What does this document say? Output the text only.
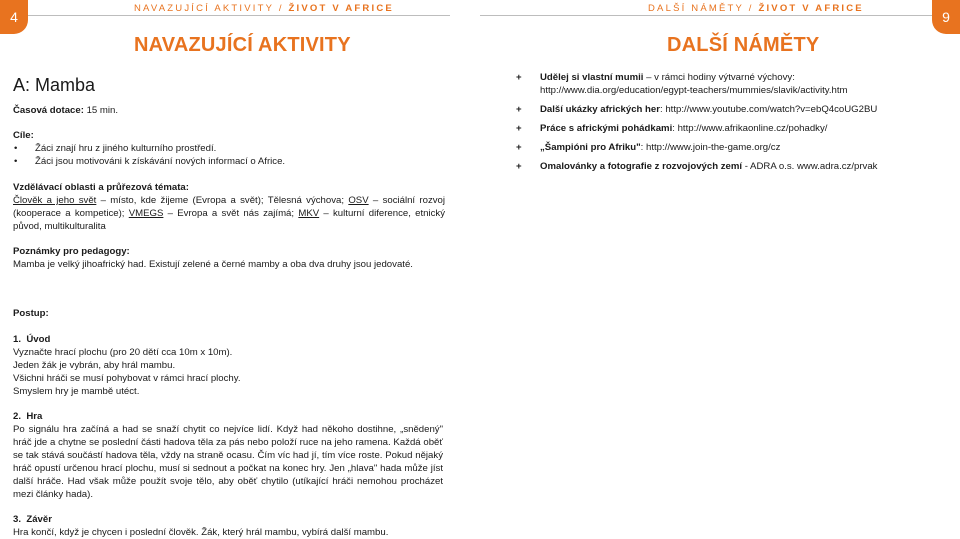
4	9
NAVAZUJÍCÍ AKTIVITY / ŽIVOT V AFRICE	DALŠÍ NÁMĚTY / ŽIVOT V AFRICE
NAVAZUJÍCÍ AKTIVITY	DALŠÍ NÁMĚTY
A: Mamba
Časová dotace: 15 min.
Cíle:
• Žáci znají hru z jiného kulturního prostředí.
• Žáci jsou motivováni k získávání nových informací o Africe.
Vzdělávací oblasti a průřezová témata:
Člověk a jeho svět – místo, kde žijeme (Evropa a svět); Tělesná výchova; OSV – sociální rozvoj (kooperace a kompetice); VMEGS – Evropa a svět nás zajímá; MKV – kulturní diference, etnický původ, multikulturalita
Poznámky pro pedagogy:
Mamba je velký jihoafrický had. Existují zelené a černé mamby a oba dva druhy jsou jedovaté.
Postup:
1.  Úvod
Vyznačte hrací plochu (pro 20 dětí cca 10m x 10m).
Jeden žák je vybrán, aby hrál mambu.
Všichni hráči se musí pohybovat v rámci hrací plochy.
Smyslem hry je mambě utéct.
2.  Hra
Po signálu hra začíná a had se snaží chytit co nejvíce lidí. Když had někoho dostihne, „snědený" hráč jde a chytne se poslední části hadova těla za pás nebo položí ruce na jeho ramena. Každá oběť se tak stává součástí hadova těla, vždy na straně ocasu. Čím víc had jí, tím více roste. Pokud nějaký hráč opustí určenou hrací plochu, musí si sednout a počkat na konec hry. Jen „hlava" hada může jíst další hráče. Had však může použít svoje tělo, aby oběť chytilo (utíkající hráči nemohou procházet mezi články hada).
3.  Závěr
Hra končí, když je chycen i poslední člověk. Žák, který hrál mambu, vybírá další mambu.
+ Udělej si vlastní mumii – v rámci hodiny výtvarné výchovy: http://www.dia.org/education/egypt-teachers/mummies/slavik/activity.htm
+ Další ukázky afrických her: http://www.youtube.com/watch?v=ebQ4coUG2BU
+ Práce s africkými pohádkami: http://www.afrikaonline.cz/pohadky/
+ „Šampióni pro Afriku": http://www.join-the-game.org/cz
+ Omalovánky a fotografie z rozvojových zemí - ADRA o.s. www.adra.cz/prvak
